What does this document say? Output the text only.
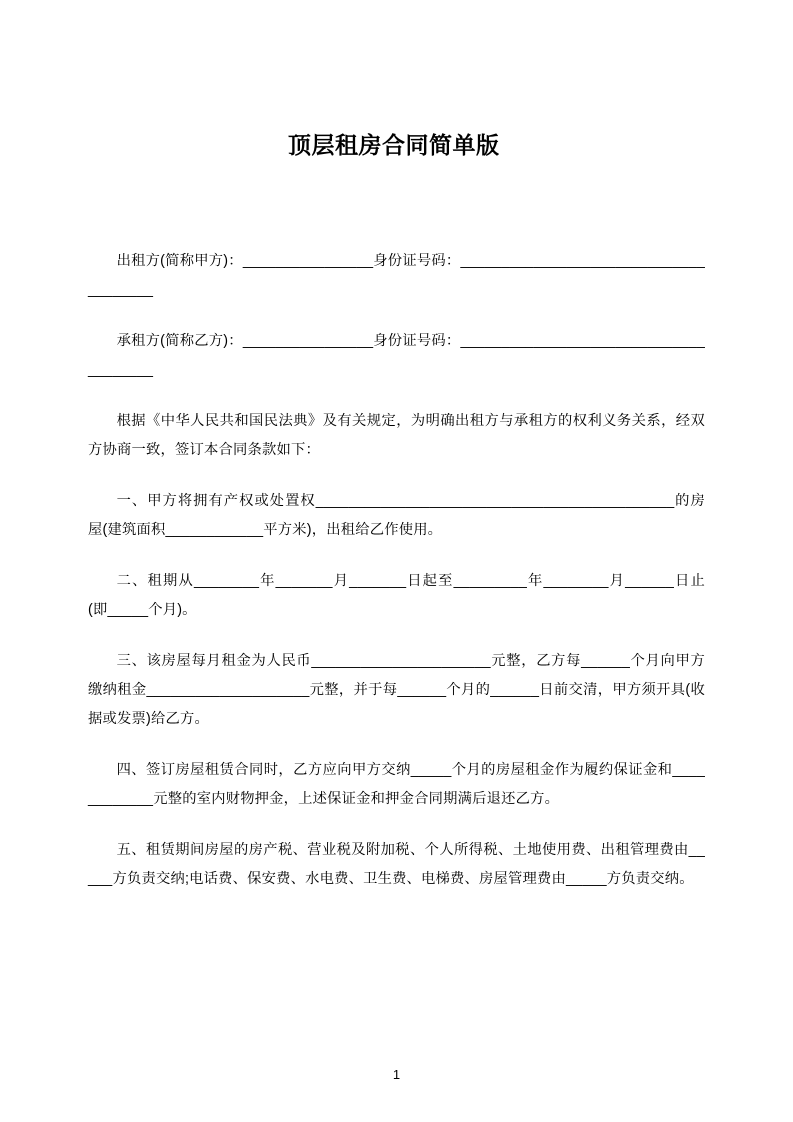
顶层租房合同简单版

出租方(简称甲方)：________________身份证号码：______________________________________

承租方(简称乙方)：________________身份证号码：______________________________________

根据《中华人民共和国民法典》及有关规定，为明确出租方与承租方的权利义务关系，经双方协商一致，签订本合同条款如下：

一、甲方将拥有产权或处置权____________________________________________的房屋(建筑面积____________平方米)，出租给乙作使用。

二、租期从________年_______月_______日起至_________年________月______日止(即_____个月)。

三、该房屋每月租金为人民币______________________元整，乙方每______个月向甲方缴纳租金____________________元整，并于每______个月的______日前交清，甲方须开具(收据或发票)给乙方。

四、签订房屋租赁合同时，乙方应向甲方交纳_____个月的房屋租金作为履约保证金和____________元整的室内财物押金，上述保证金和押金合同期满后退还乙方。

五、租赁期间房屋的房产税、营业税及附加税、个人所得税、土地使用费、出租管理费由_____方负责交纳;电话费、保安费、水电费、卫生费、电梯费、房屋管理费由_____方负责交纳。

1
